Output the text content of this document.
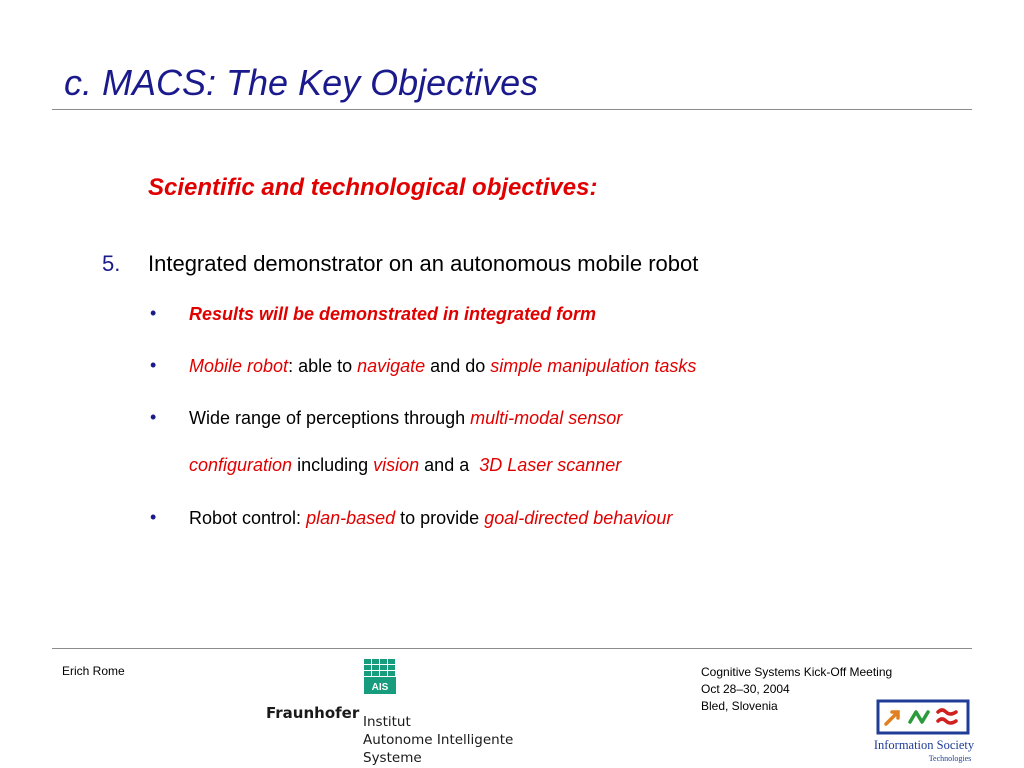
c. MACS: The Key Objectives
Scientific and technological objectives:
5. Integrated demonstrator on an autonomous mobile robot
• Results will be demonstrated in integrated form
• Mobile robot: able to navigate and do simple manipulation tasks
• Wide range of perceptions through multi-modal sensor
configuration including vision and a  3D Laser scanner
• Robot control: plan-based to provide goal-directed behaviour
Erich Rome	Cognitive Systems Kick-Off Meeting
Oct 28–30, 2004
Bled, Slovenia
AIS
Fraunhofer Institut
Autonome Intelligente
Systeme
Information Society
Technologies
